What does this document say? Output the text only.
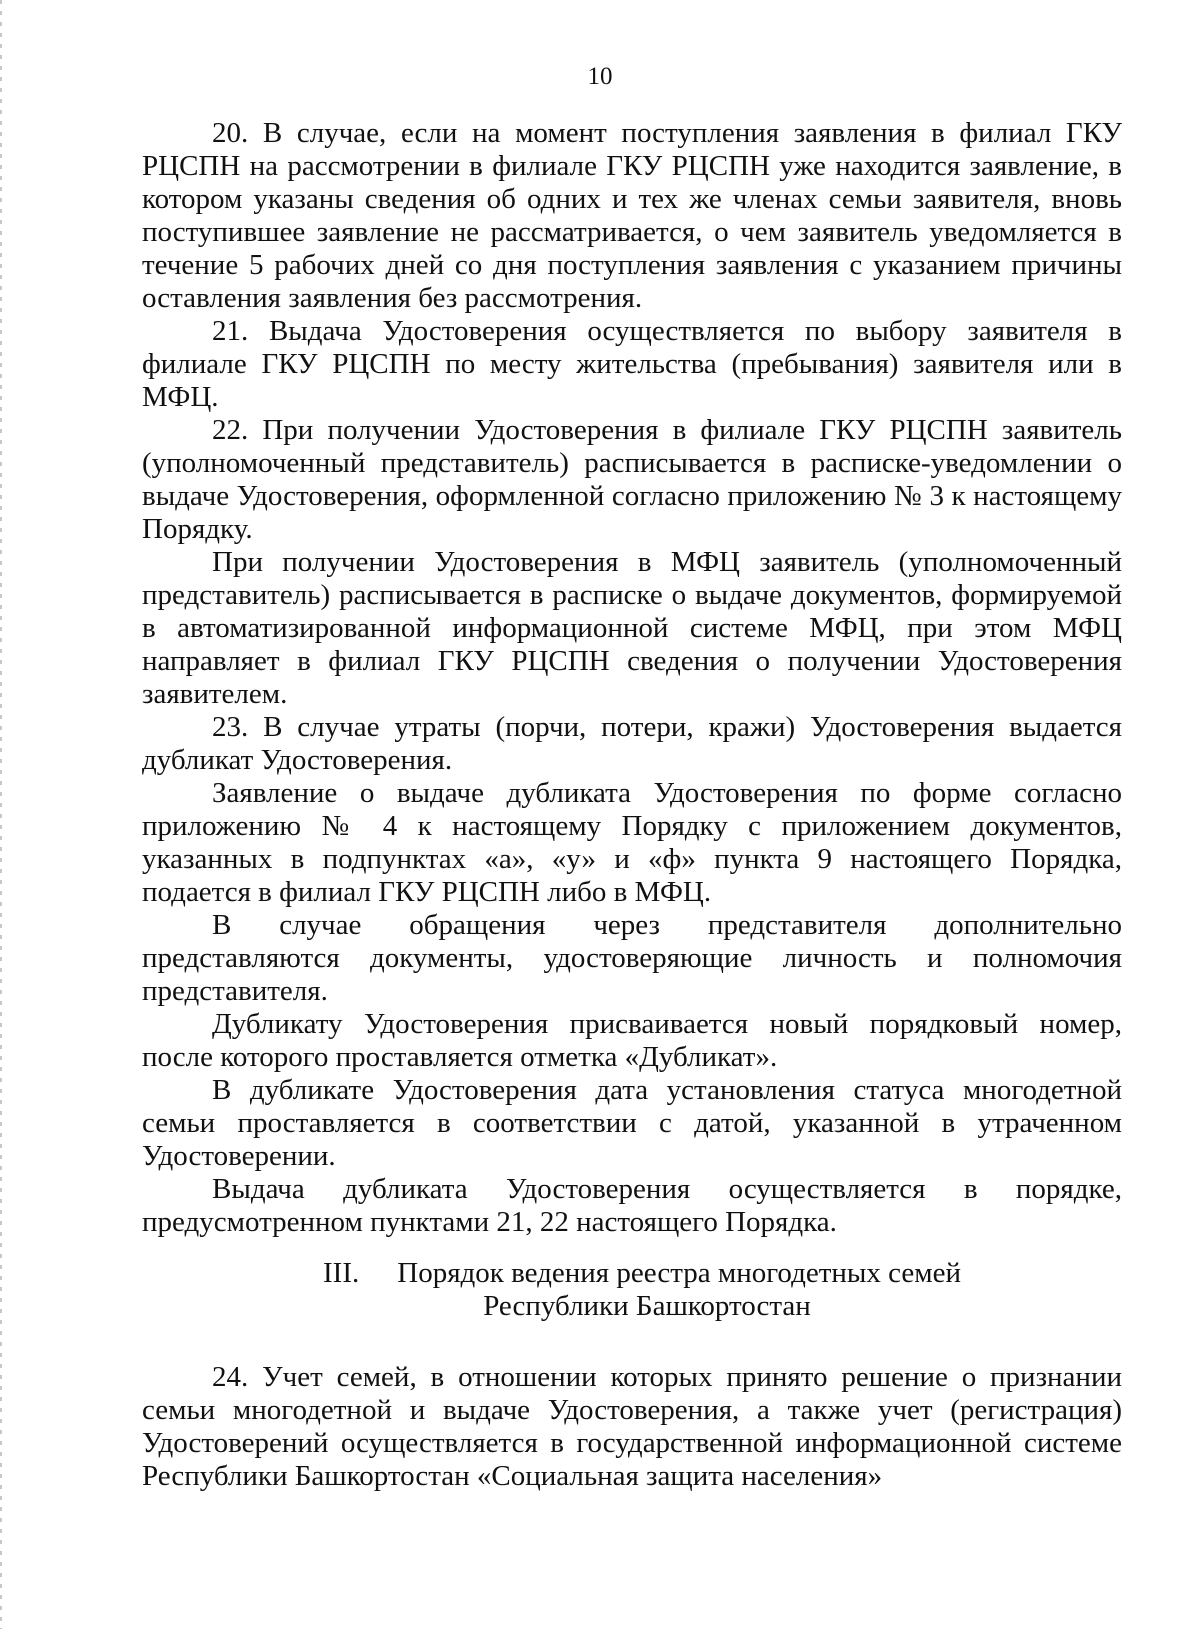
10

20. В случае, если на момент поступления заявления в филиал ГКУ РЦСПН на рассмотрении в филиале ГКУ РЦСПН уже находится заявление, в котором указаны сведения об одних и тех же членах семьи заявителя, вновь поступившее заявление не рассматривается, о чем заявитель уведомляется в течение 5 рабочих дней со дня поступления заявления с указанием причины оставления заявления без рассмотрения.

21. Выдача Удостоверения осуществляется по выбору заявителя в филиале ГКУ РЦСПН по месту жительства (пребывания) заявителя или в МФЦ.

22. При получении Удостоверения в филиале ГКУ РЦСПН заявитель (уполномоченный представитель) расписывается в расписке-уведомлении о выдаче Удостоверения, оформленной согласно приложению № 3 к настоящему Порядку.

При получении Удостоверения в МФЦ заявитель (уполномоченный представитель) расписывается в расписке о выдаче документов, формируемой в автоматизированной информационной системе МФЦ, при этом МФЦ направляет в филиал ГКУ РЦСПН сведения о получении Удостоверения заявителем.

23. В случае утраты (порчи, потери, кражи) Удостоверения выдается дубликат Удостоверения.

Заявление о выдаче дубликата Удостоверения по форме согласно приложению № 4 к настоящему Порядку с приложением документов, указанных в подпунктах «а», «у» и «ф» пункта 9 настоящего Порядка, подается в филиал ГКУ РЦСПН либо в МФЦ.

В случае обращения через представителя дополнительно представляются документы, удостоверяющие личность и полномочия представителя.

Дубликату Удостоверения присваивается новый порядковый номер, после которого проставляется отметка «Дубликат».

В дубликате Удостоверения дата установления статуса многодетной семьи проставляется в соответствии с датой, указанной в утраченном Удостоверении.

Выдача дубликата Удостоверения осуществляется в порядке, предусмотренном пунктами 21, 22 настоящего Порядка.

III. Порядок ведения реестра многодетных семей
Республики Башкортостан

24. Учет семей, в отношении которых принято решение о признании семьи многодетной и выдаче Удостоверения, а также учет (регистрация) Удостоверений осуществляется в государственной информационной системе Республики Башкортостан «Социальная защита населения»
